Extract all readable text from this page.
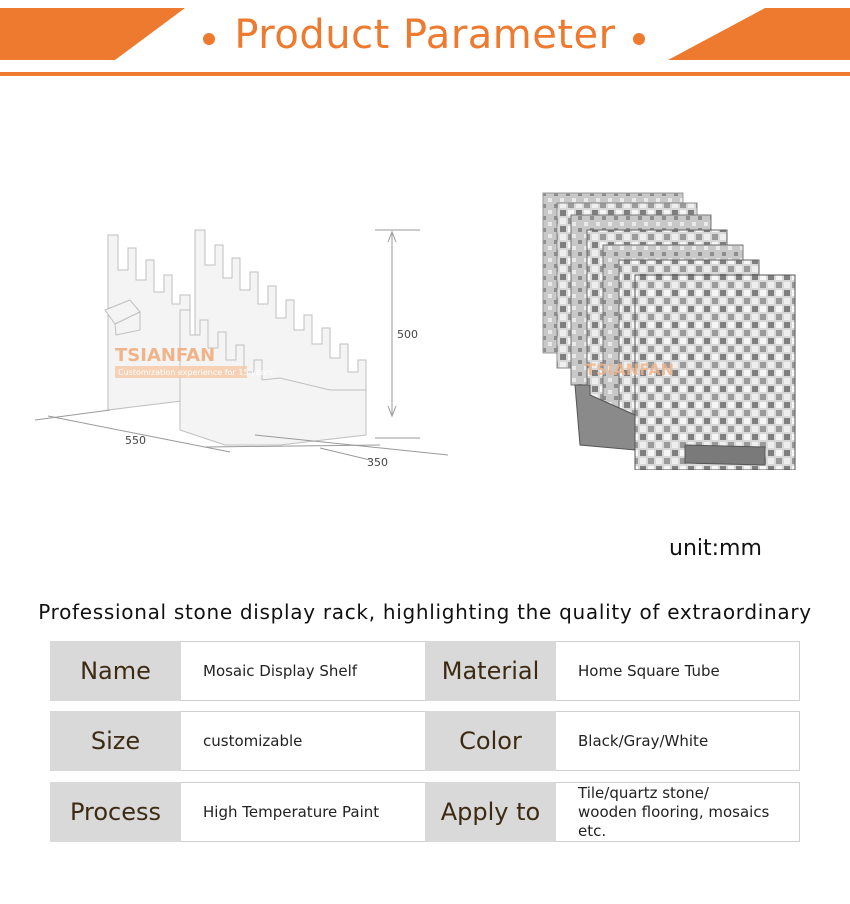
Product Parameter
TSIANFAN
Customization experience for 15 years
500
550
350
TSIANFAN
unit:mm
Professional stone display rack, highlighting the quality of extraordinary
Name	Mosaic Display Shelf	Material	Home Square Tube
Size	customizable	Color	Black/Gray/White
Process	High Temperature Paint	Apply to
Tile/quartz stone/
wooden flooring, mosaics etc.
